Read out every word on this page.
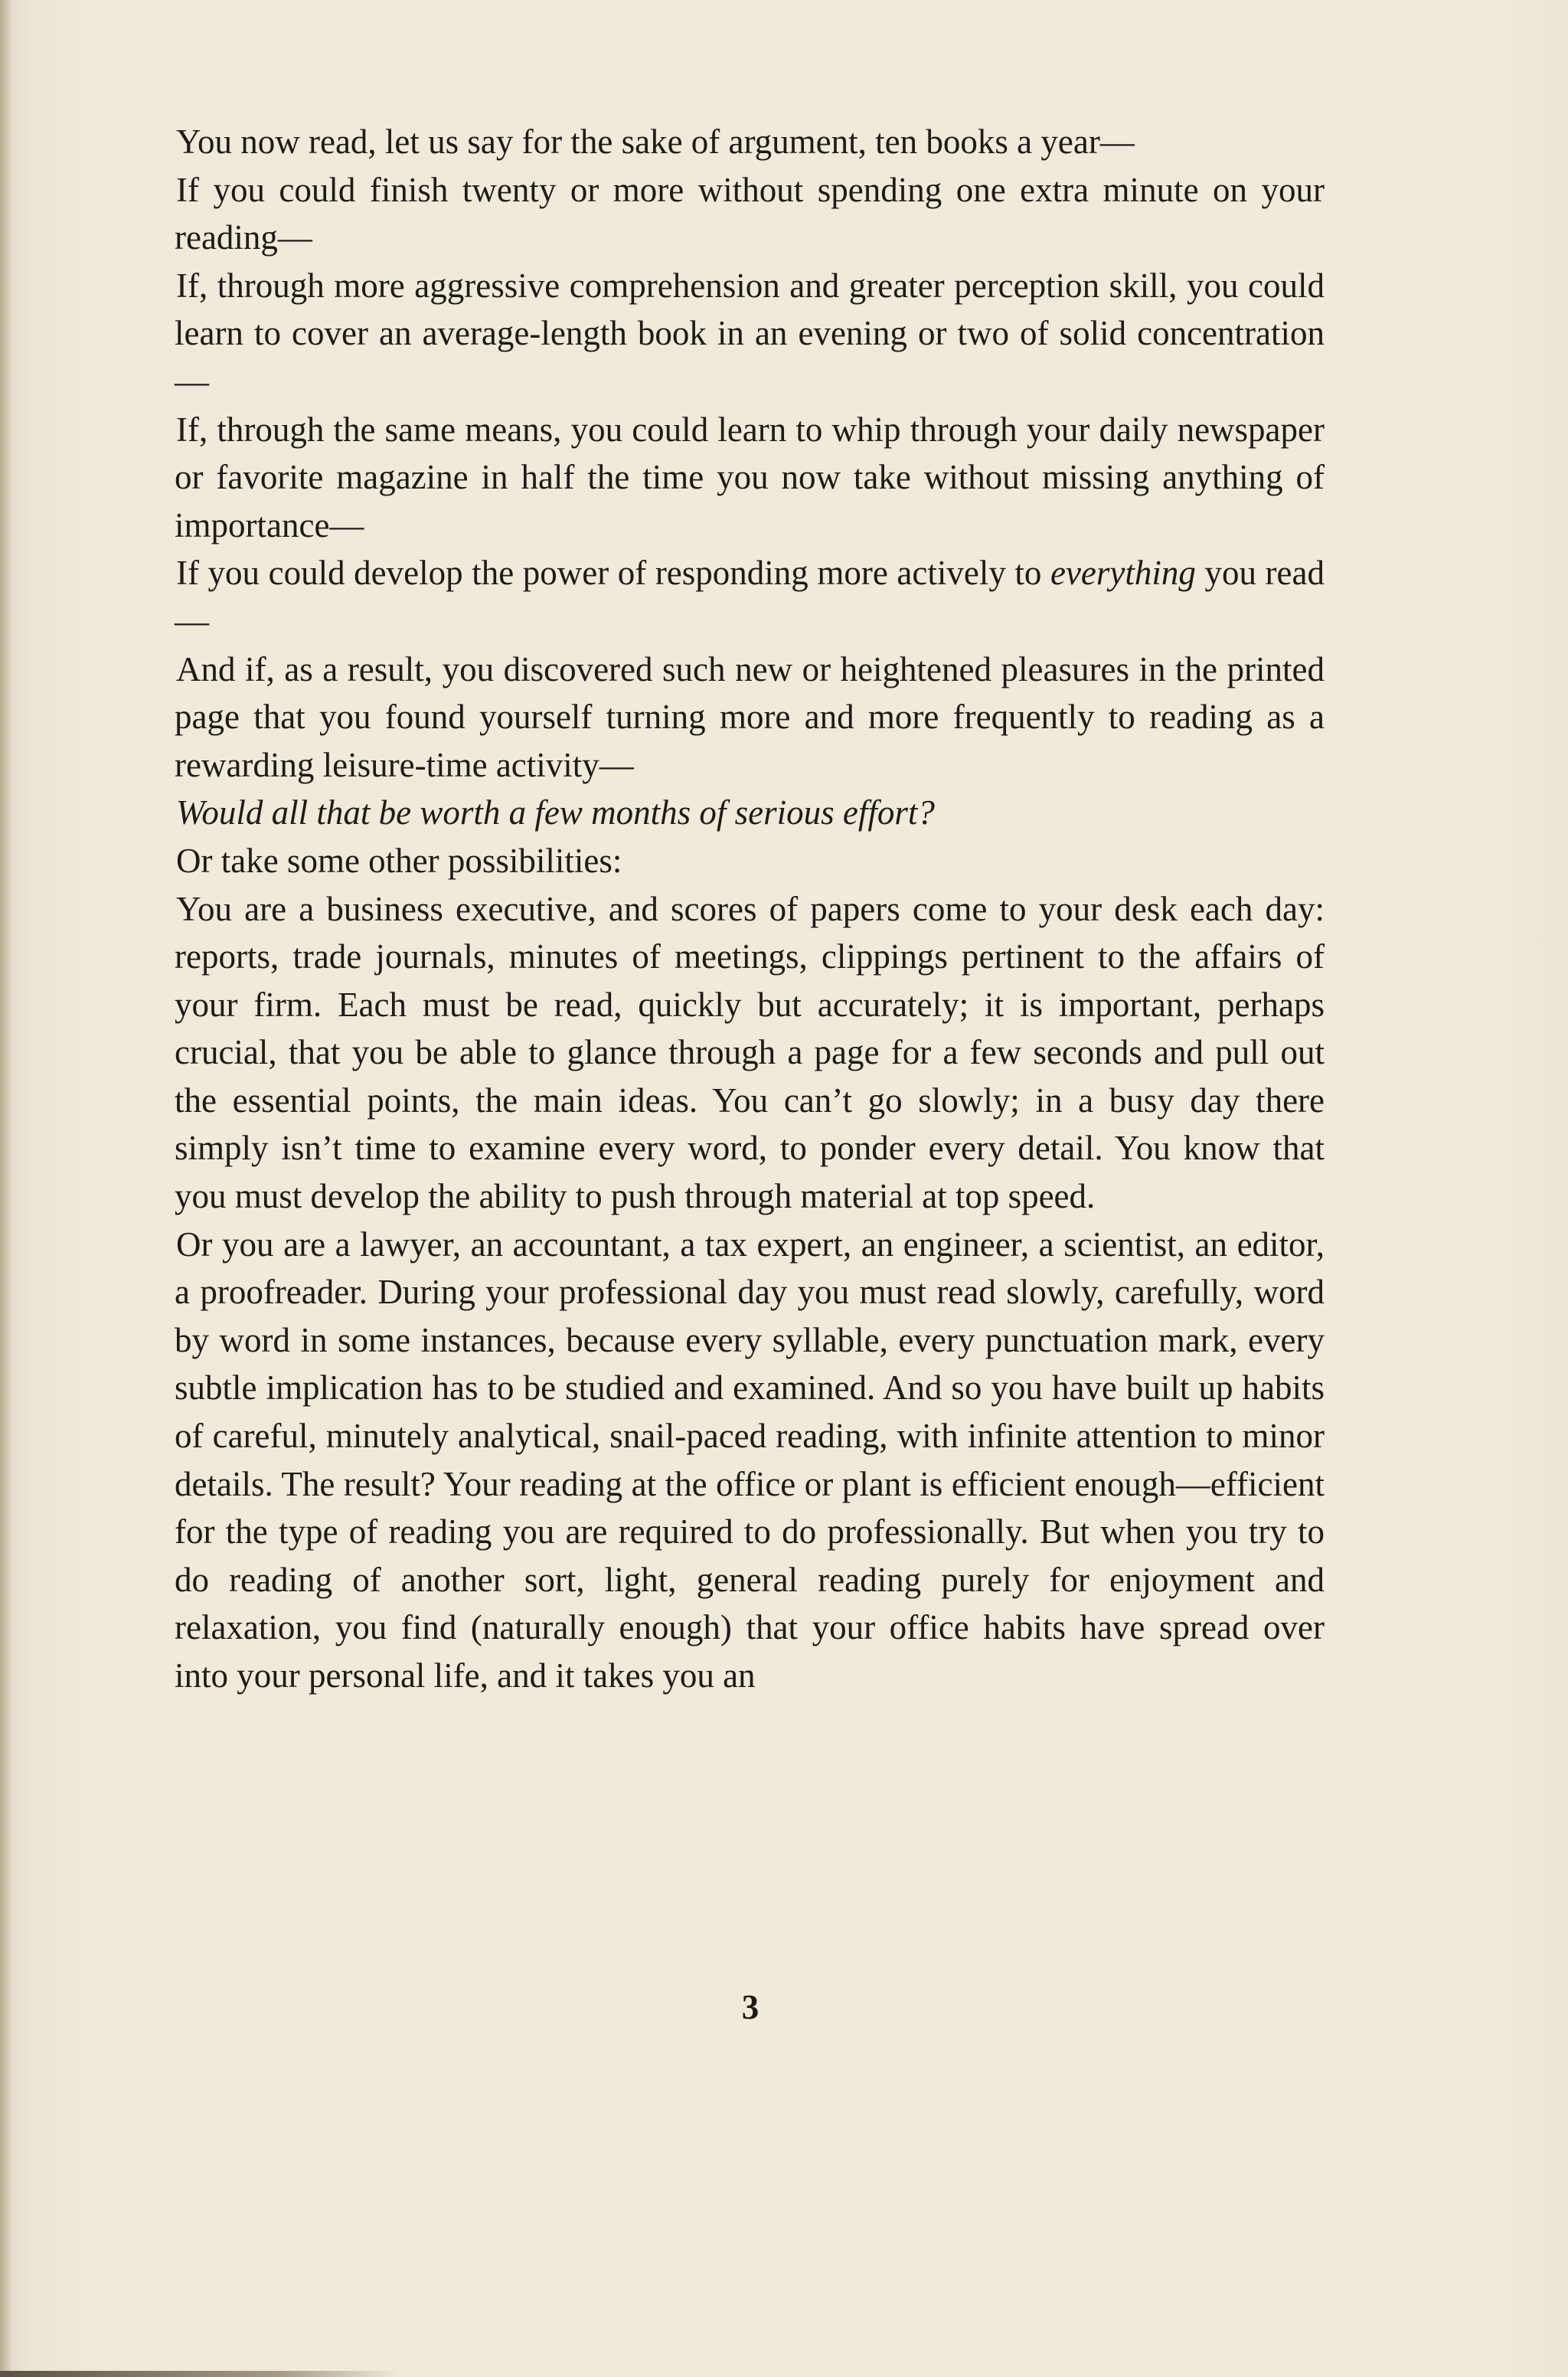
You now read, let us say for the sake of argument, ten books a year—

If you could finish twenty or more without spending one extra minute on your reading—

If, through more aggressive comprehension and greater perception skill, you could learn to cover an average-length book in an evening or two of solid concentration—

If, through the same means, you could learn to whip through your daily newspaper or favorite magazine in half the time you now take without missing anything of importance—

If you could develop the power of responding more actively to everything you read—

And if, as a result, you discovered such new or heightened pleasures in the printed page that you found yourself turning more and more frequently to reading as a rewarding leisure-time activity—

Would all that be worth a few months of serious effort?

Or take some other possibilities:

You are a business executive, and scores of papers come to your desk each day: reports, trade journals, minutes of meetings, clippings pertinent to the affairs of your firm. Each must be read, quickly but accurately; it is important, perhaps crucial, that you be able to glance through a page for a few seconds and pull out the essential points, the main ideas. You can’t go slowly; in a busy day there simply isn’t time to examine every word, to ponder every detail. You know that you must develop the ability to push through material at top speed.

Or you are a lawyer, an accountant, a tax expert, an engineer, a scientist, an editor, a proofreader. During your professional day you must read slowly, carefully, word by word in some instances, because every syllable, every punctuation mark, every subtle implication has to be studied and examined. And so you have built up habits of careful, minutely analytical, snail-paced reading, with infinite attention to minor details. The result? Your reading at the office or plant is efficient enough—efficient for the type of reading you are required to do professionally. But when you try to do reading of another sort, light, general reading purely for enjoyment and relaxation, you find (naturally enough) that your office habits have spread over into your personal life, and it takes you an

3
